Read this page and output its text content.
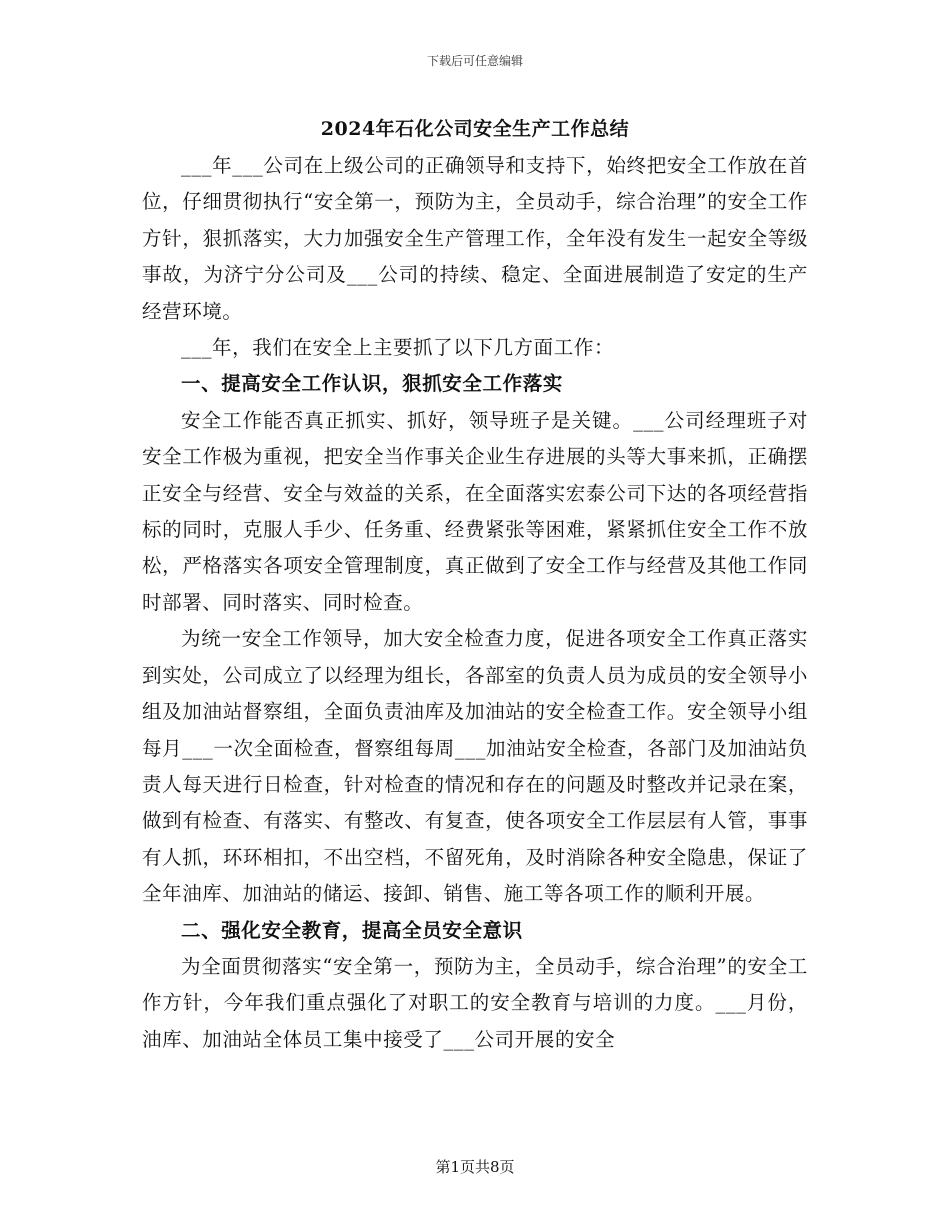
下载后可任意编辑
2024年石化公司安全生产工作总结

___年___公司在上级公司的正确领导和支持下，始终把安全工作放在首位，仔细贯彻执行“安全第一，预防为主，全员动手，综合治理”的安全工作方针，狠抓落实，大力加强安全生产管理工作，全年没有发生一起安全等级事故，为济宁分公司及___公司的持续、稳定、全面进展制造了安定的生产经营环境。

___年，我们在安全上主要抓了以下几方面工作：

一、提高安全工作认识，狠抓安全工作落实

安全工作能否真正抓实、抓好，领导班子是关键。___公司经理班子对安全工作极为重视，把安全当作事关企业生存进展的头等大事来抓，正确摆正安全与经营、安全与效益的关系，在全面落实宏泰公司下达的各项经营指标的同时，克服人手少、任务重、经费紧张等困难，紧紧抓住安全工作不放松，严格落实各项安全管理制度，真正做到了安全工作与经营及其他工作同时部署、同时落实、同时检查。

为统一安全工作领导，加大安全检查力度，促进各项安全工作真正落实到实处，公司成立了以经理为组长，各部室的负责人员为成员的安全领导小组及加油站督察组，全面负责油库及加油站的安全检查工作。安全领导小组每月___一次全面检查，督察组每周___加油站安全检查，各部门及加油站负责人每天进行日检查，针对检查的情况和存在的问题及时整改并记录在案，做到有检查、有落实、有整改、有复查，使各项安全工作层层有人管，事事有人抓，环环相扣，不出空档，不留死角，及时消除各种安全隐患，保证了全年油库、加油站的储运、接卸、销售、施工等各项工作的顺利开展。

二、强化安全教育，提高全员安全意识

为全面贯彻落实“安全第一，预防为主，全员动手，综合治理”的安全工作方针，今年我们重点强化了对职工的安全教育与培训的力度。___月份，油库、加油站全体员工集中接受了___公司开展的安全

第1页共8页
